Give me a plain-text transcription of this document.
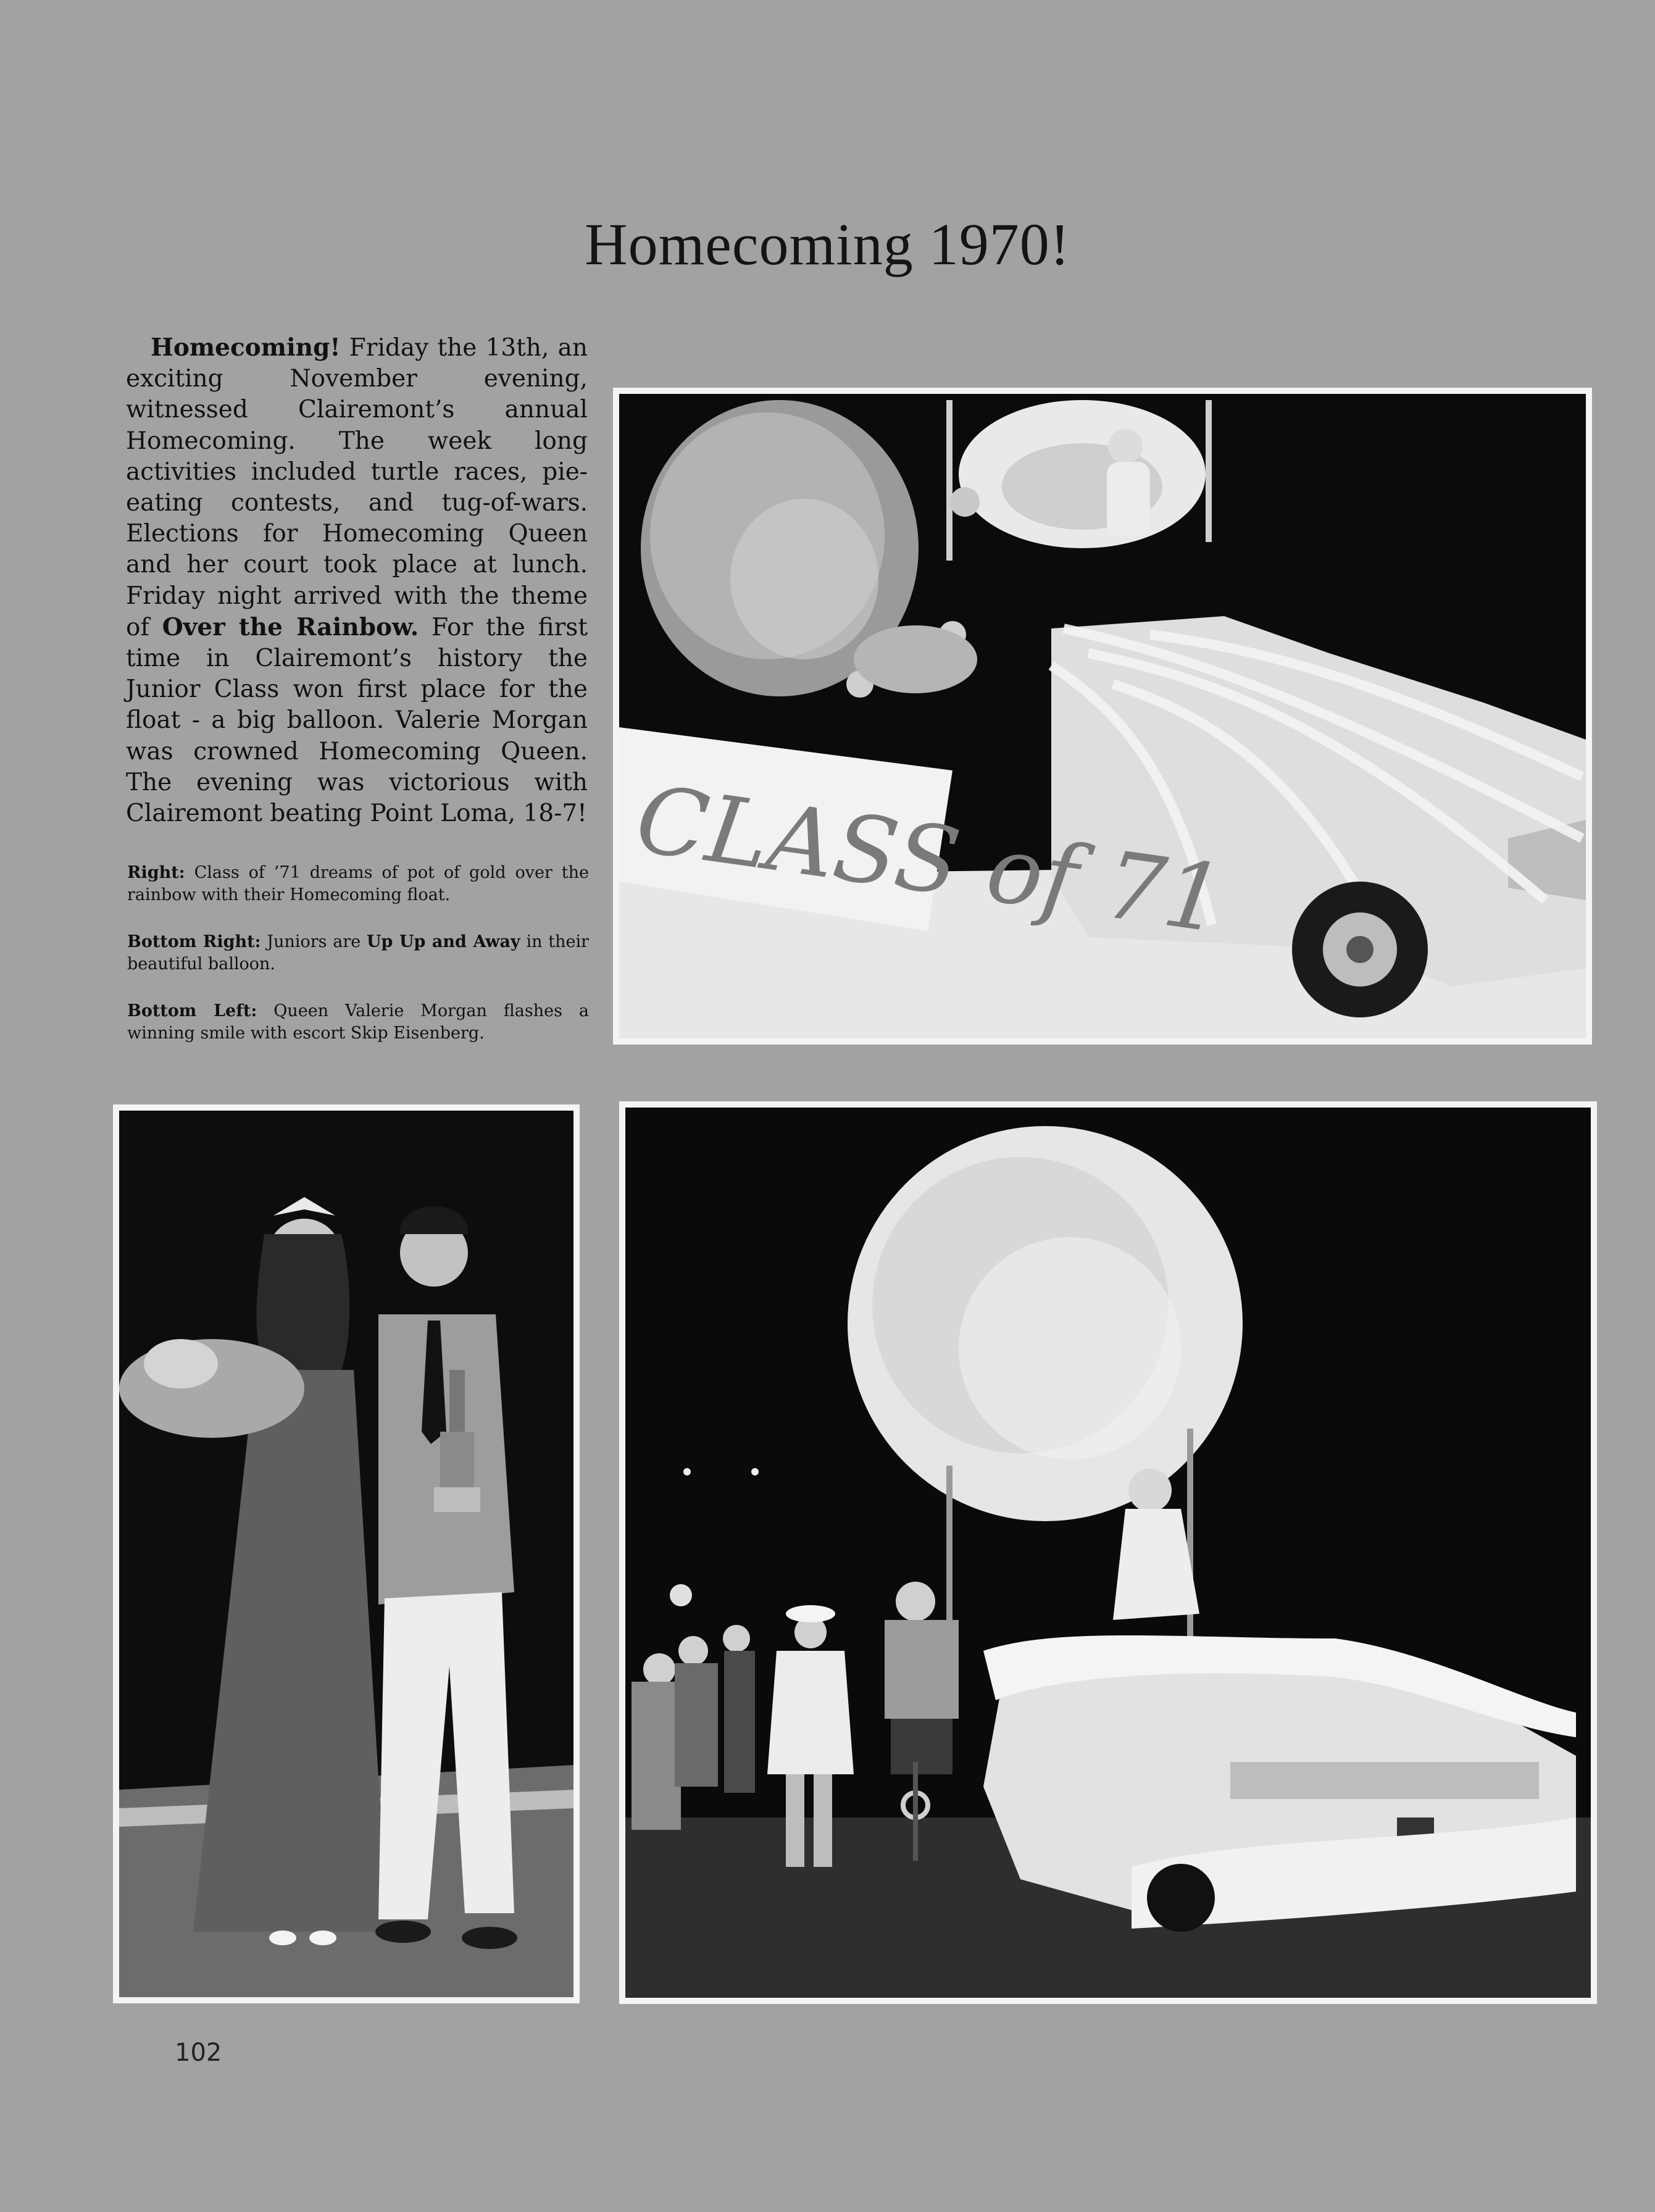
Homecoming 1970!
Homecoming! Friday the 13th, an exciting November evening, witnessed Clairemont’s annual Homecoming. The week long activities included turtle races, pie-eating contests, and tug-of-wars. Elections for Homecoming Queen and her court took place at lunch. Friday night arrived with the theme of Over the Rainbow. For the first time in Clairemont’s history the Junior Class won first place for the float - a big balloon. Valerie Morgan was crowned Homecoming Queen. The evening was victorious with Clairemont beating Point Loma, 18-7!

Right: Class of ’71 dreams of pot of gold over the rainbow with their Homecoming float.

Bottom Right: Juniors are Up Up and Away in their beautiful balloon.

Bottom Left: Queen Valerie Morgan flashes a winning smile with escort Skip Eisenberg.

CLASS of 71
102
